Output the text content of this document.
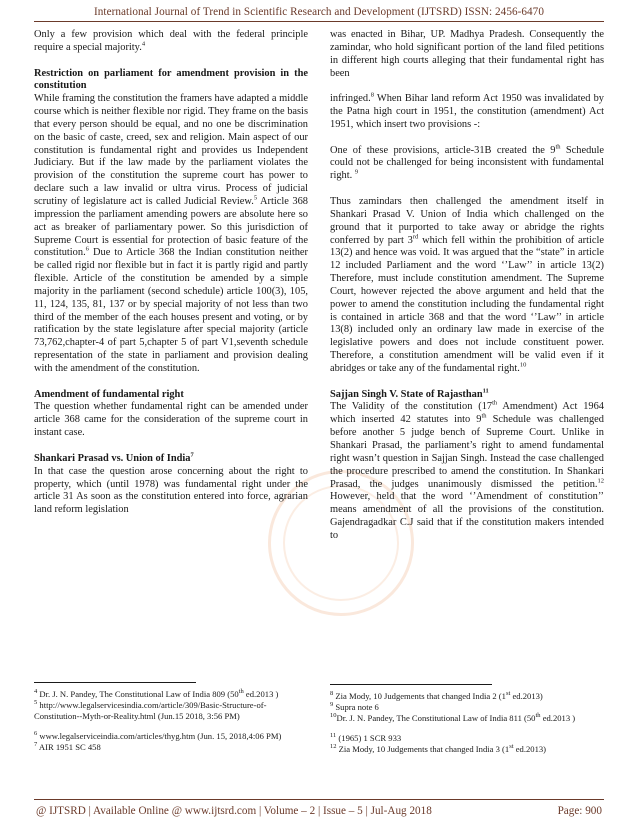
International Journal of Trend in Scientific Research and Development (IJTSRD) ISSN: 2456-6470

Only a few provision which deal with the federal principle require a special majority.$^4$

Restriction on parliament for amendment provision in the constitution

While framing the constitution the framers have adapted a middle course which is neither flexible nor rigid. They frame on the basis that every person should be equal, and no one be discrimination on the basic of caste, creed, sex and religion. Main aspect of our constitution is fundamental right and provides us Independent Judiciary. But if the law made by the parliament violates the provision of the constitution the supreme court has power to declare such a law invalid or ultra virus. Process of judicial scrutiny of legislature act is called Judicial Review.$^5$ Article 368 impression the parliament amending powers are absolute here so act as breaker of parliamentary power. So this jurisdiction of Supreme Court is essential for protection of basic feature of the constitution.$^6$ Due to Article 368 the Indian constitution neither be called rigid nor flexible but in fact it is partly rigid and partly flexible. Article of the constitution be amended by a simple majority in the parliament (second schedule) article 100(3), 105, 11, 124, 135, 81, 137 or by special majority of not less than two third of the member of the each houses present and voting, or by ratification by the state legislature after special majority (article 73,762,chapter-4 of part 5,chapter 5 of part V1,seventh schedule representation of the state in parliament and provision dealing with the amendment of the constitution.

Amendment of fundamental right

The question whether fundamental right can be amended under article 368 came for the consideration of the supreme court in instant case.

Shankari Prasad vs. Union of India$^7$

In that case the question arose concerning about the right to property, which (until 1978) was fundamental right under the article 31 As soon as the constitution entered into force, agrarian land reform legislation

was enacted in Bihar, UP. Madhya Pradesh. Consequently the zamindar, who hold significant portion of the land filed petitions in different high courts alleging that their fundamental right has been

infringed.$^8$ When Bihar land reform Act 1950 was invalidated by the Patna high court in 1951, the constitution (amendment) Act 1951, which insert two provisions -:

One of these provisions, article-31B created the 9th Schedule could not be challenged for being inconsistent with fundamental right. $^9$

Thus zamindars then challenged the amendment itself in Shankari Prasad V. Union of India which challenged on the ground that it purported to take away or abridge the rights conferred by part 3rd which fell within the prohibition of article 13(2) and hence was void. It was argued that the “state” in article 12 included Parliament and the word ‘’Law’’ in article 13(2) Therefore, must include constitution amendment. The Supreme Court, however rejected the above argument and held that the power to amend the constitution including the fundamental right is contained in article 368 and that the word ‘’Law’’ in article 13(8) included only an ordinary law made in exercise of the legislative powers and does not include constituent power. Therefore, a constitution amendment will be valid even if it abridges or take any of the fundamental right.$^{10}$

Sajjan Singh V. State of Rajasthan$^{11}$

The Validity of the constitution (17th Amendment) Act 1964 which inserted 42 statutes into 9th Schedule was challenged before another 5 judge bench of Supreme Court. Unlike in Shankari Prasad, the parliament’s right to amend fundamental right wasn’t question in Sajjan Singh. Instead the case challenged the procedure prescribed to amend the constitution. In Shankari Prasad, the judges unanimously dismissed the petition.$^{12}$ However, held that the word ‘’Amendment of constitution’’ means amendment of all the provisions of the constitution. Gajendragadkar C.J said that if the constitution makers intended to

$^4$ Dr. J. N. Pandey, The Constitutional Law of India 809 (50th ed.2013 )

$^5$ http://www.legalservicesindia.com/article/309/Basic-Structure-of-Constitution--Myth-or-Reality.html (Jun.15 2018, 3:56 PM)

$^6$ www.legalserviceindia.com/articles/thyg.htm (Jun. 15, 2018,4:06 PM)

$^7$ AIR 1951 SC 458

$^8$ Zia Mody, 10 Judgements that changed India 2 (1st ed.2013)

$^9$ Supra note 6

$^{10}$Dr. J. N. Pandey, The Constitutional Law of India 811 (50th ed.2013 )

$^{11}$ (1965) 1 SCR 933

$^{12}$ Zia Mody, 10 Judgements that changed India 3 (1st ed.2013)

@ IJTSRD | Available Online @ www.ijtsrd.com | Volume – 2 | Issue – 5 | Jul-Aug 2018	Page: 900
